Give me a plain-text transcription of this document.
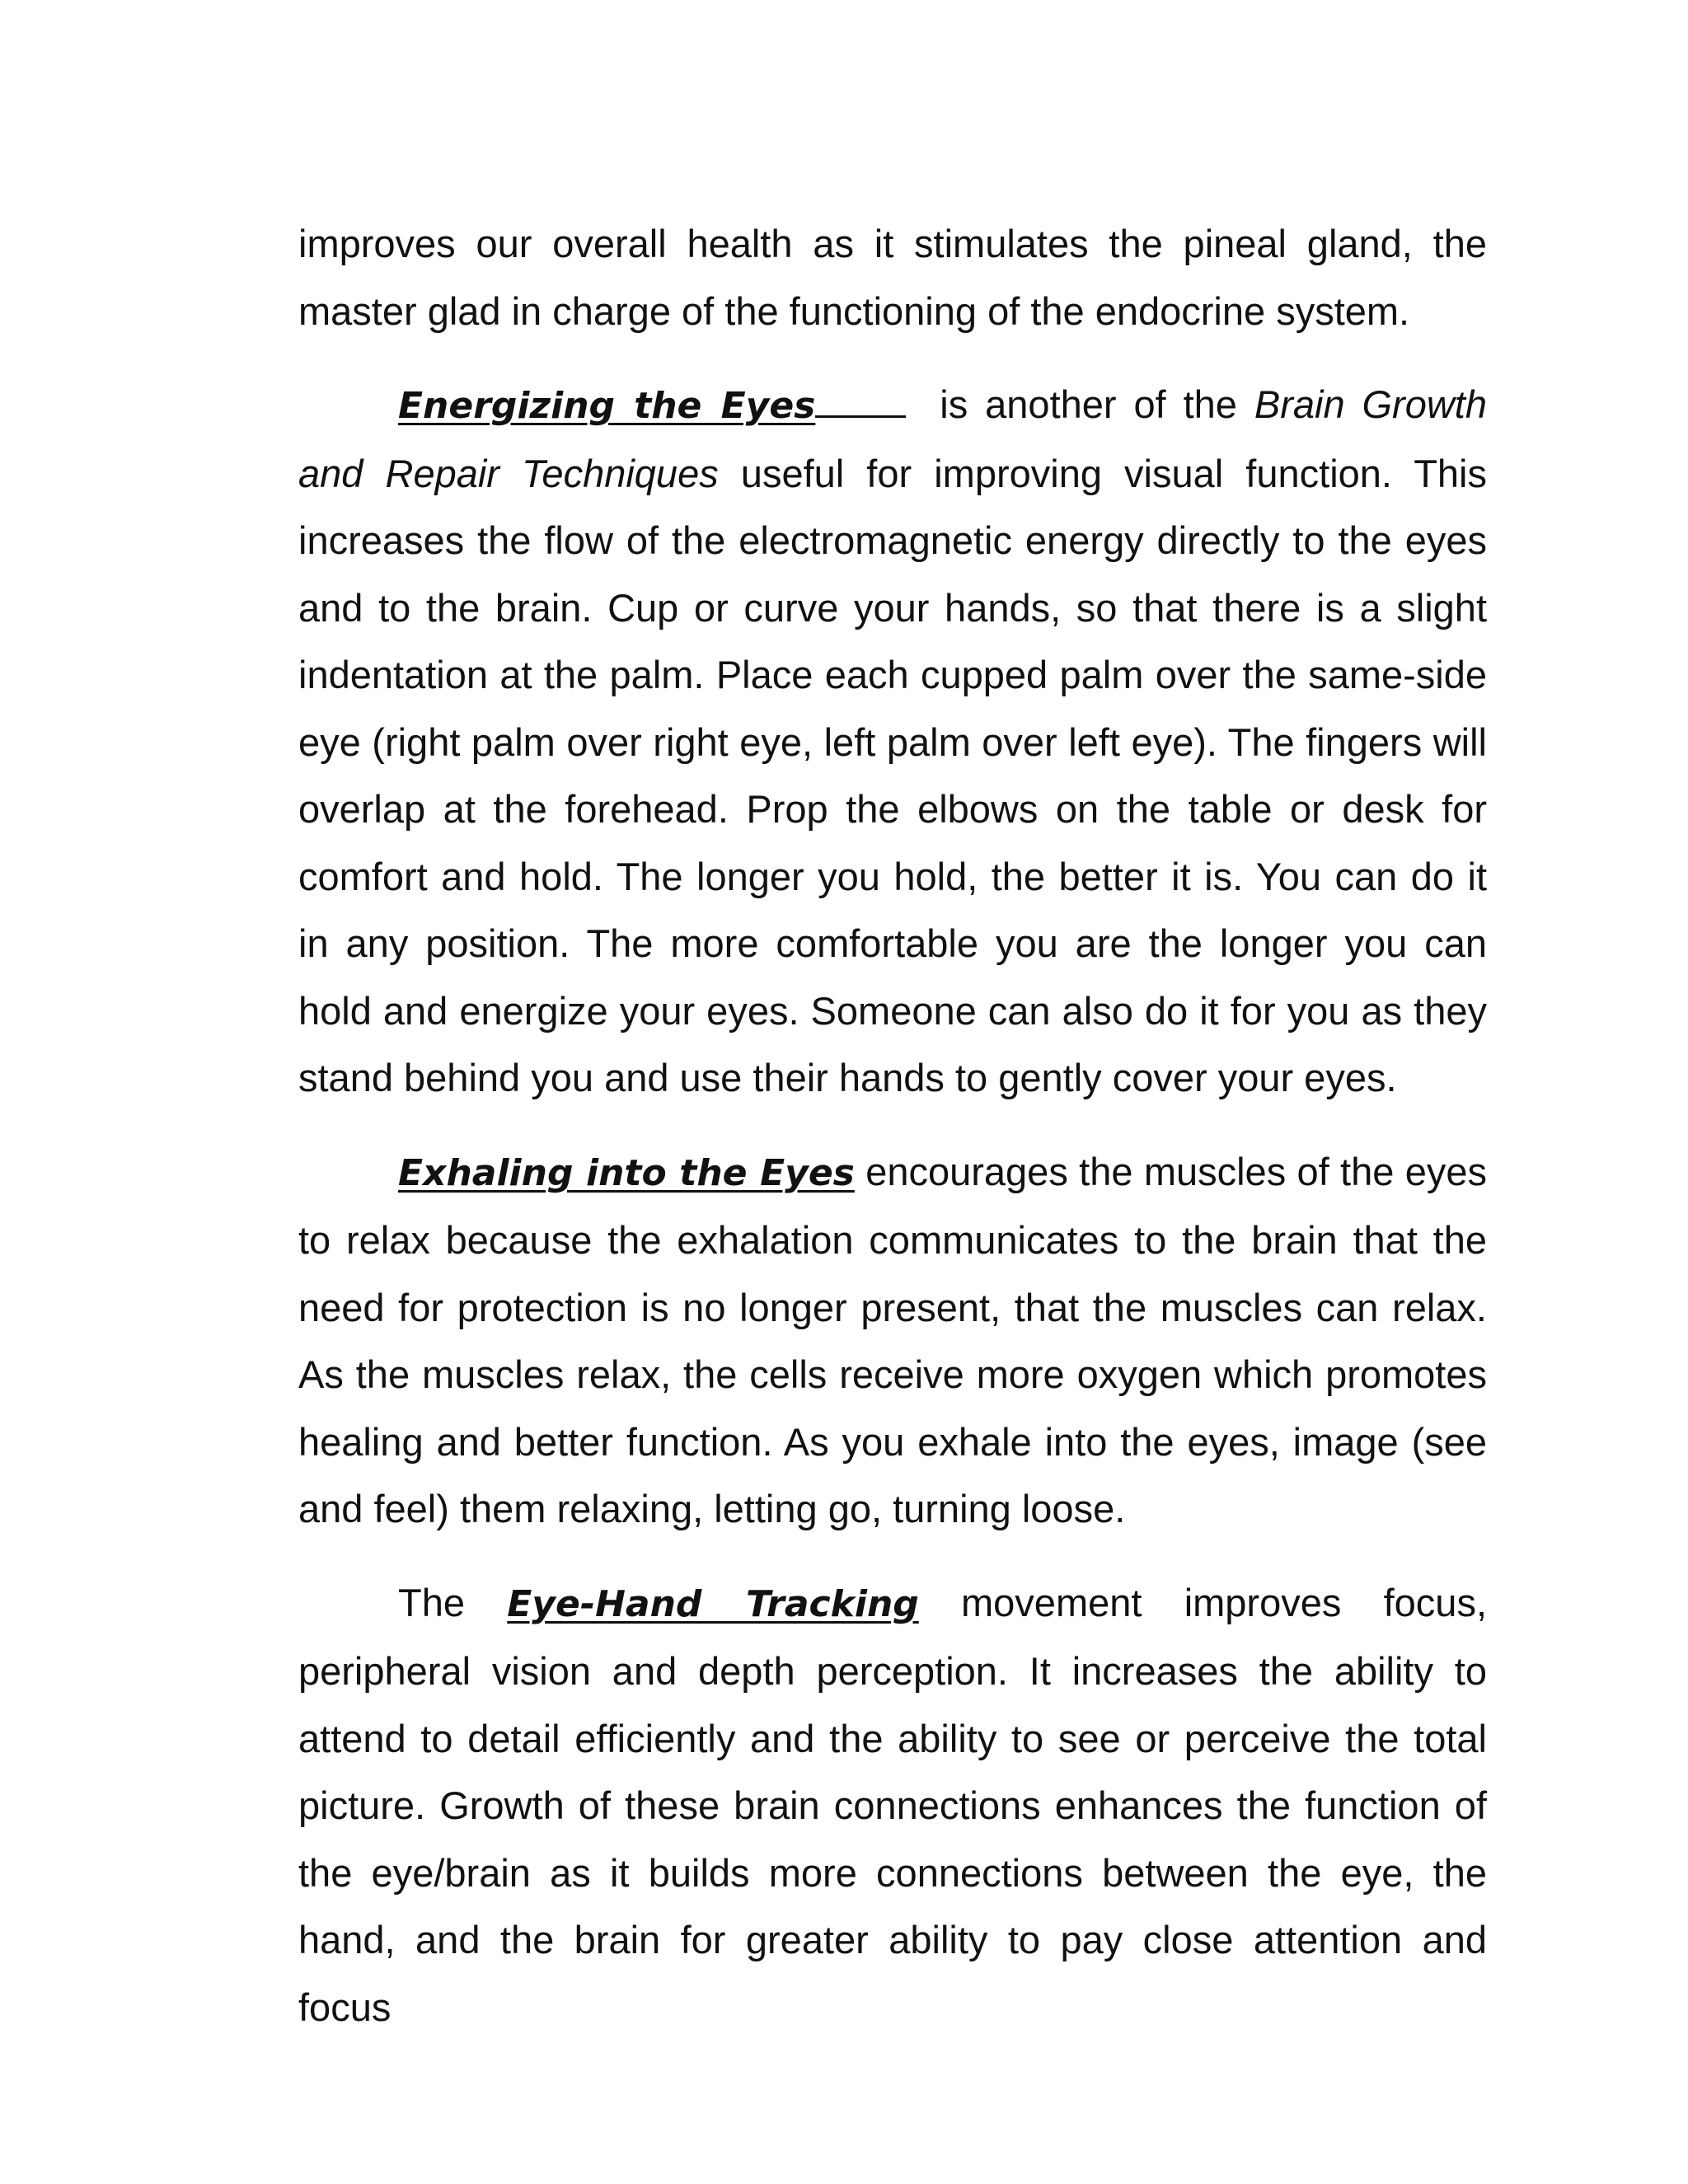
improves our overall health as it stimulates the pineal gland, the master glad in charge of the functioning of the endocrine system.

Energizing the Eyes	is another of the Brain Growth and Repair Techniques useful for improving visual function. This increases the flow of the electromagnetic energy directly to the eyes and to the brain. Cup or curve your hands, so that there is a slight indentation at the palm. Place each cupped palm over the same-side eye (right palm over right eye, left palm over left eye). The fingers will overlap at the forehead. Prop the elbows on the table or desk for comfort and hold. The longer you hold, the better it is. You can do it in any position. The more comfortable you are the longer you can hold and energize your eyes. Someone can also do it for you as they stand behind you and use their hands to gently cover your eyes.

Exhaling into the Eyes encourages the muscles of the eyes to relax because the exhalation communicates to the brain that the need for protection is no longer present, that the muscles can relax. As the muscles relax, the cells receive more oxygen which promotes healing and better function. As you exhale into the eyes, image (see and feel) them relaxing, letting go, turning loose.

The Eye-Hand Tracking movement improves focus, peripheral vision and depth perception. It increases the ability to attend to detail efficiently and the ability to see or perceive the total picture. Growth of these brain connections enhances the function of the eye/brain as it builds more connections between the eye, the hand, and the brain for greater ability to pay close attention and focus
